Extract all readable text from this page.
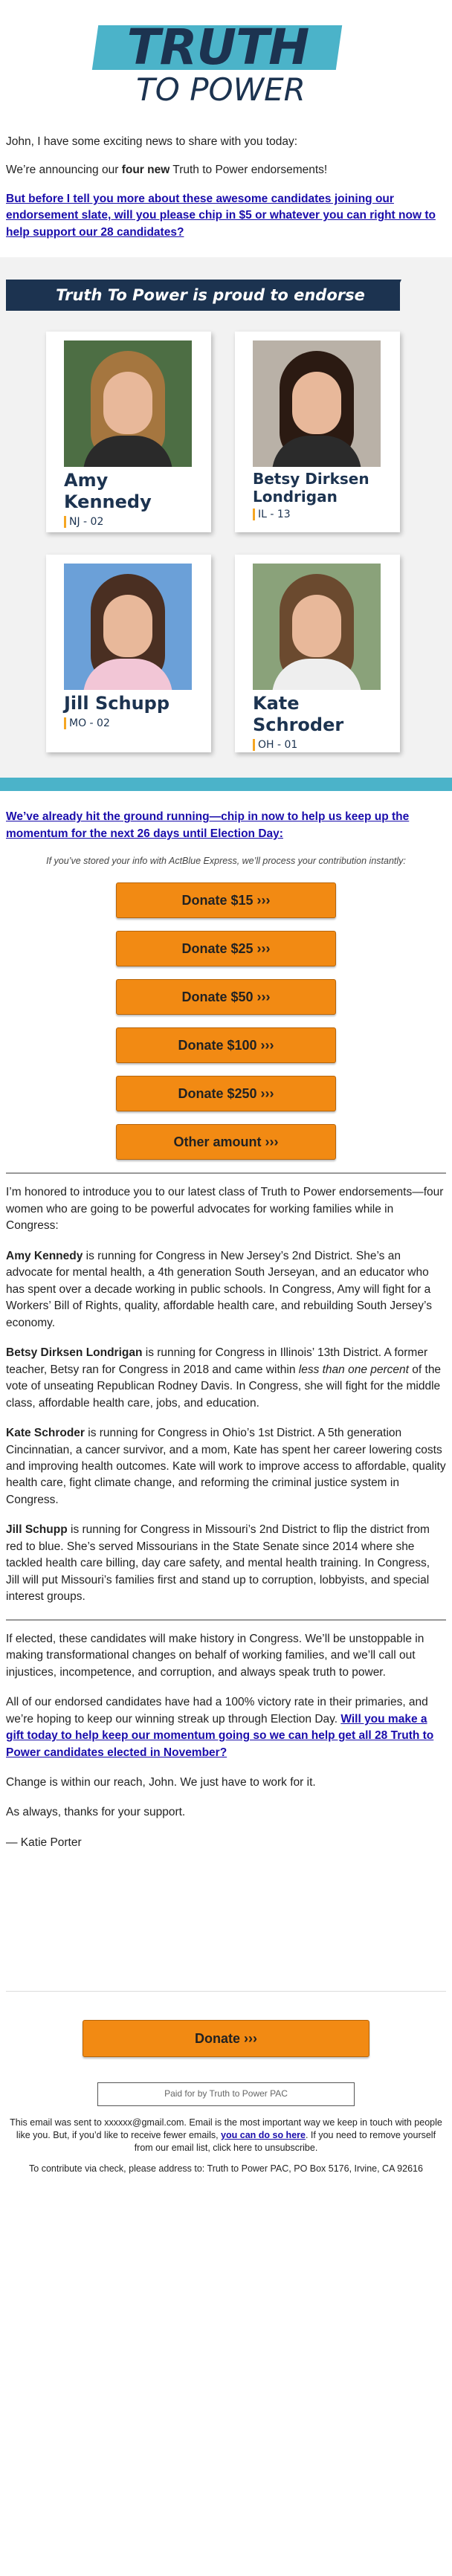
TRUTH
TO POWER

John, I have some exciting news to share with you today:

We’re announcing our four new Truth to Power endorsements!

But before I tell you more about these awesome candidates joining our endorsement slate, will you please chip in $5 or whatever you can right now to help support our 28 candidates?
Truth To Power is proud to endorse
Amy Kennedy
NJ - 02
Betsy Dirksen Londrigan
IL - 13
Jill Schupp
MO - 02
Kate Schroder
OH - 01
We’ve already hit the ground running—chip in now to help us keep up the momentum for the next 26 days until Election Day:

If you’ve stored your info with ActBlue Express, we’ll process your contribution instantly:

Donate $15 ›››
Donate $25 ›››
Donate $50 ›››
Donate $100 ›››
Donate $250 ›››
Other amount ›››

I’m honored to introduce you to our latest class of Truth to Power endorsements—four women who are going to be powerful advocates for working families while in Congress:

Amy Kennedy is running for Congress in New Jersey’s 2nd District. She’s an advocate for mental health, a 4th generation South Jerseyan, and an educator who has spent over a decade working in public schools. In Congress, Amy will fight for a Workers’ Bill of Rights, quality, affordable health care, and rebuilding South Jersey’s economy.

Betsy Dirksen Londrigan is running for Congress in Illinois’ 13th District. A former teacher, Betsy ran for Congress in 2018 and came within less than one percent of the vote of unseating Republican Rodney Davis. In Congress, she will fight for the middle class, affordable health care, jobs, and education.

Kate Schroder is running for Congress in Ohio’s 1st District. A 5th generation Cincinnatian, a cancer survivor, and a mom, Kate has spent her career lowering costs and improving health outcomes. Kate will work to improve access to affordable, quality health care, fight climate change, and reforming the criminal justice system in Congress.

Jill Schupp is running for Congress in Missouri’s 2nd District to flip the district from red to blue. She’s served Missourians in the State Senate since 2014 where she tackled health care billing, day care safety, and mental health training. In Congress, Jill will put Missouri’s families first and stand up to corruption, lobbyists, and special interest groups.

If elected, these candidates will make history in Congress. We’ll be unstoppable in making transformational changes on behalf of working families, and we’ll call out injustices, incompetence, and corruption, and always speak truth to power.

All of our endorsed candidates have had a 100% victory rate in their primaries, and we’re hoping to keep our winning streak up through Election Day. Will you make a gift today to help keep our momentum going so we can help get all 28 Truth to Power candidates elected in November?

Change is within our reach, John. We just have to work for it.

As always, thanks for your support.

— Katie Porter

Donate ›››
Paid for by Truth to Power PAC

This email was sent to xxxxxx@gmail.com. Email is the most important way we keep in touch with people like you. But, if you’d like to receive fewer emails, you can do so here. If you need to remove yourself from our email list, click here to unsubscribe.

To contribute via check, please address to: Truth to Power PAC, PO Box 5176, Irvine, CA 92616
